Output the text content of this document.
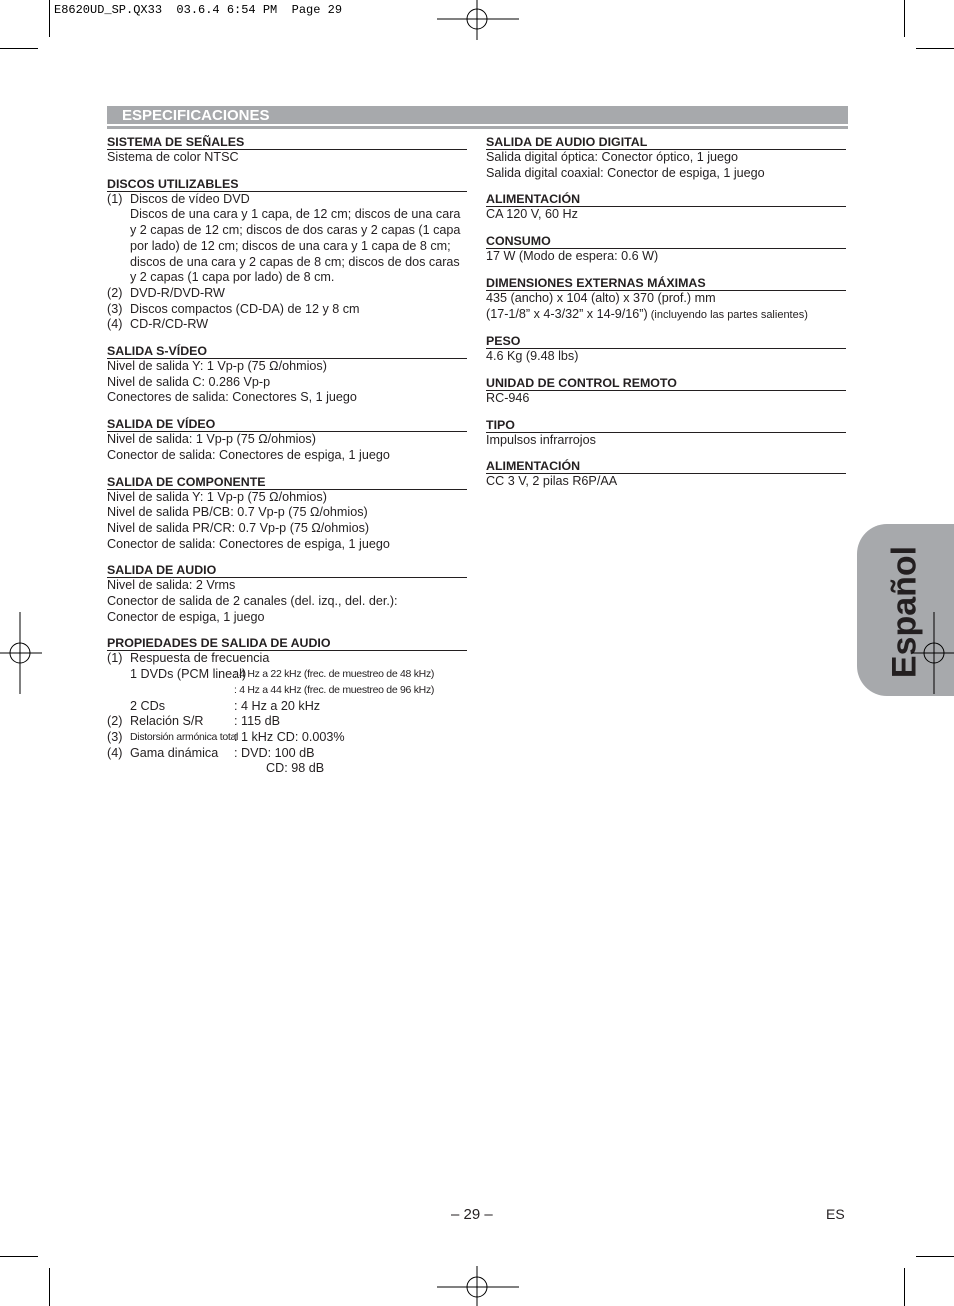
E8620UD_SP.QX33  03.6.4 6:54 PM  Page 29
Español
ESPECIFICACIONES
SISTEMA DE SEÑALES
Sistema de color NTSC
DISCOS UTILIZABLES
(1) Discos de vídeo DVD
Discos de una cara y 1 capa, de 12 cm; discos de una cara y 2 capas de 12 cm; discos de dos caras y 2 capas (1 capa por lado) de 12 cm; discos de una cara y 1 capa de 8 cm; discos de una cara y 2 capas de 8 cm; discos de dos caras y 2 capas (1 capa por lado) de 8 cm.
(2) DVD-R/DVD-RW
(3) Discos compactos (CD-DA) de 12 y 8 cm
(4) CD-R/CD-RW
SALIDA S-VÍDEO
Nivel de salida Y: 1 Vp-p (75 Ω/ohmios)
Nivel de salida C: 0.286 Vp-p
Conectores de salida: Conectores S, 1 juego
SALIDA DE VÍDEO
Nivel de salida: 1 Vp-p (75 Ω/ohmios)
Conector de salida: Conectores de espiga, 1 juego
SALIDA DE COMPONENTE
Nivel de salida Y: 1 Vp-p (75 Ω/ohmios)
Nivel de salida PB/CB: 0.7 Vp-p (75 Ω/ohmios)
Nivel de salida PR/CR: 0.7 Vp-p (75 Ω/ohmios)
Conector de salida: Conectores de espiga, 1 juego
SALIDA DE AUDIO
Nivel de salida: 2 Vrms
Conector de salida de 2 canales (del. izq., del. der.):
Conector de espiga, 1 juego
PROPIEDADES DE SALIDA DE AUDIO
(1) Respuesta de frecuencia
1 DVDs (PCM lineal)
: 4 Hz a 22 kHz (frec. de muestreo de 48 kHz)
: 4 Hz a 44 kHz (frec. de muestreo de 96 kHz)
2 CDs	: 4 Hz a 20 kHz
(2) Relación S/R : 115 dB
(3) Distorsión armónica total
: 1 kHz CD: 0.003%
(4) Gama dinámica : DVD: 100 dB
CD: 98 dB
SALIDA DE AUDIO DIGITAL
Salida digital óptica: Conector óptico, 1 juego
Salida digital coaxial: Conector de espiga, 1 juego
ALIMENTACIÓN
CA 120 V, 60 Hz
CONSUMO
17 W (Modo de espera: 0.6 W)
DIMENSIONES EXTERNAS MÁXIMAS
435 (ancho) x 104 (alto) x 370 (prof.) mm
(17-1/8” x 4-3/32” x 14-9/16”) (incluyendo las partes salientes)
PESO
4.6 Kg (9.48 lbs)
UNIDAD DE CONTROL REMOTO
RC-946
TIPO
Impulsos infrarrojos
ALIMENTACIÓN
CC 3 V, 2 pilas R6P/AA
– 29 –	ES
